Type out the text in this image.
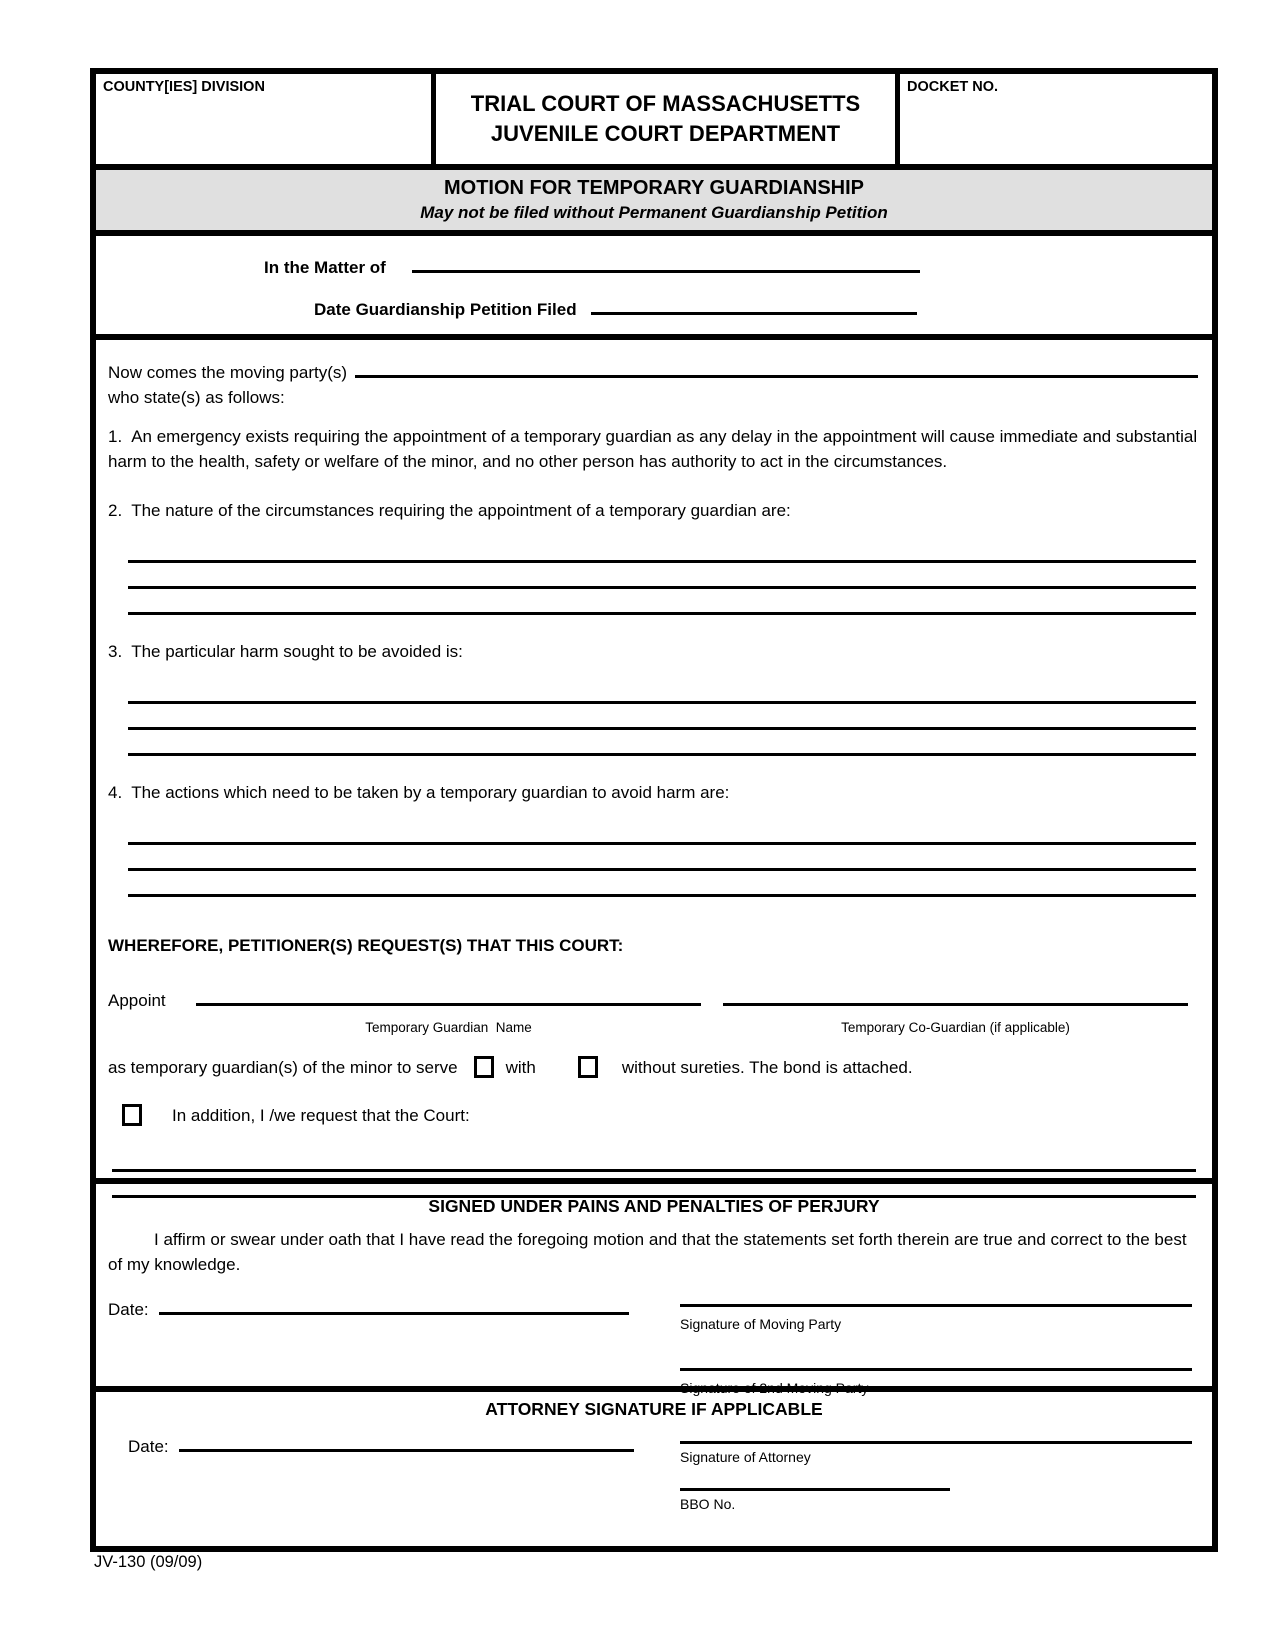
COUNTY[IES] DIVISION
TRIAL COURT OF MASSACHUSETTS
JUVENILE COURT DEPARTMENT
DOCKET NO.
MOTION FOR TEMPORARY GUARDIANSHIP
May not be filed without Permanent Guardianship Petition
In the Matter of
Date Guardianship Petition Filed
Now comes the moving party(s)
who state(s) as follows:

1. An emergency exists requiring the appointment of a temporary guardian as any delay in the appointment will cause immediate and substantial harm to the health, safety or welfare of the minor, and no other person has authority to act in the circumstances.

2. The nature of the circumstances requiring the appointment of a temporary guardian are:

3. The particular harm sought to be avoided is:

4. The actions which need to be taken by a temporary guardian to avoid harm are:

WHEREFORE, PETITIONER(S) REQUEST(S) THAT THIS COURT:
Appoint
Temporary Guardian  Name	Temporary Co-Guardian (if applicable)
as temporary guardian(s) of the minor to serve	with	without sureties. The bond is attached.
In addition, I /we request that the Court:
SIGNED UNDER PAINS AND PENALTIES OF PERJURY

I affirm or swear under oath that I have read the foregoing motion and that the statements set forth therein are true and correct to the best of my knowledge.

Date:
Signature of Moving Party
Signature of 2nd Moving Party
ATTORNEY SIGNATURE IF APPLICABLE
Date:
Signature of Attorney
BBO No.
JV-130 (09/09)
